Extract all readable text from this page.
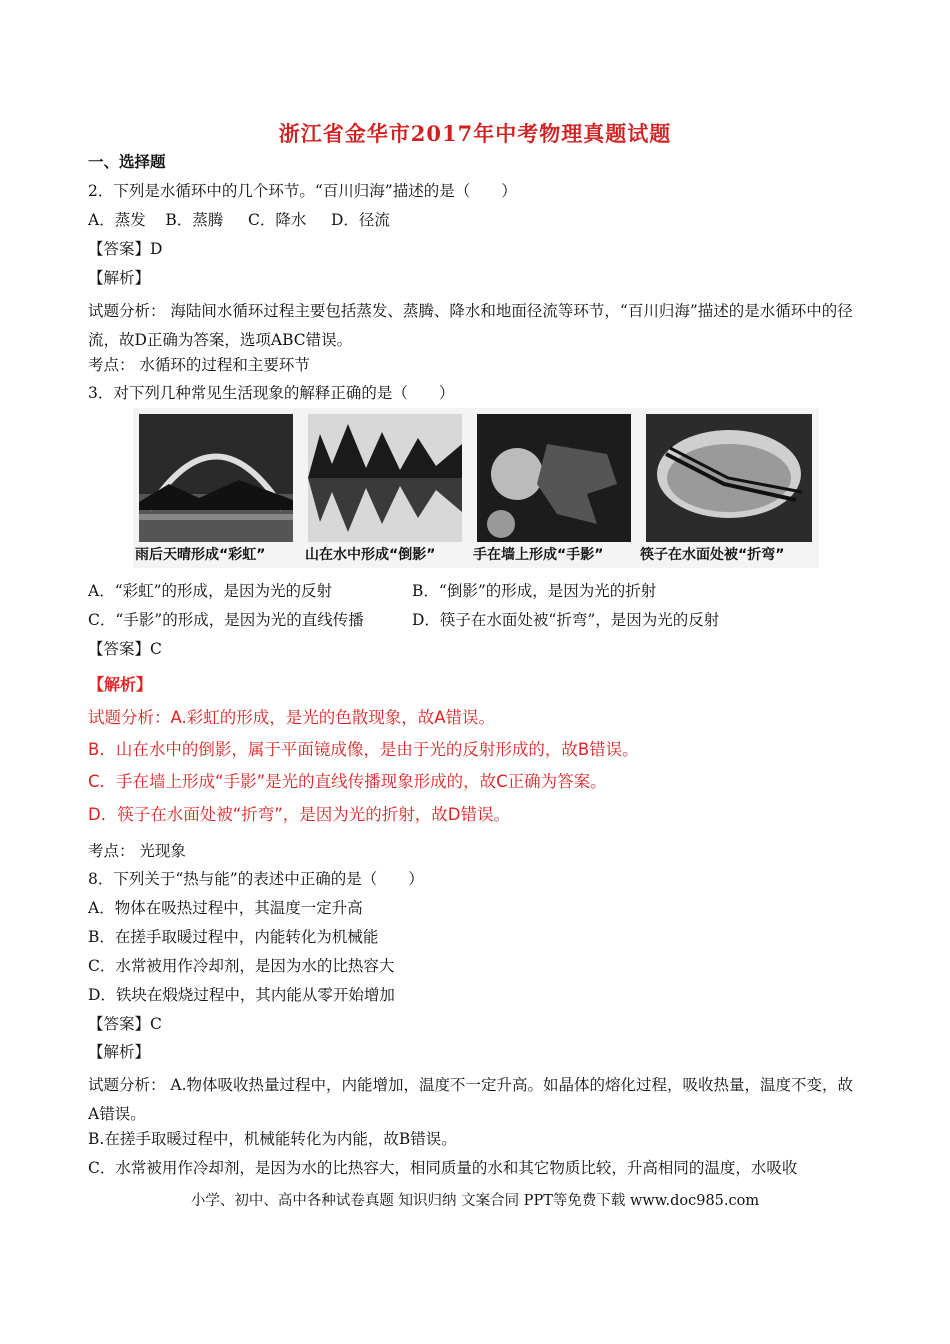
浙江省金华市2017年中考物理真题试题
一、选择题
2．下列是水循环中的几个环节。“百川归海”描述的是（　　）
A．蒸发 B．蒸腾 C．降水 D．径流
【答案】D
【解析】
试题分析： 海陆间水循环过程主要包括蒸发、蒸腾、降水和地面径流等环节，“百川归海”描述的是水循环中的径流，故D正确为答案，选项ABC错误。
考点： 水循环的过程和主要环节
3．对下列几种常见生活现象的解释正确的是（　　）
雨后天晴形成“彩虹”	山在水中形成“倒影”	手在墙上形成“手影”	筷子在水面处被“折弯”
A．“彩虹”的形成，是因为光的反射	B．“倒影”的形成，是因为光的折射
C．“手影”的形成，是因为光的直线传播	D．筷子在水面处被“折弯”，是因为光的反射
【答案】C
【解析】
试题分析：A.彩虹的形成，是光的色散现象，故A错误。
B．山在水中的倒影，属于平面镜成像，是由于光的反射形成的，故B错误。
C．手在墙上形成“手影”是光的直线传播现象形成的，故C正确为答案。
D．筷子在水面处被“折弯”，是因为光的折射，故D错误。
考点： 光现象
8．下列关于“热与能”的表述中正确的是（　　）
A．物体在吸热过程中，其温度一定升高
B．在搓手取暖过程中，内能转化为机械能
C．水常被用作冷却剂，是因为水的比热容大
D．铁块在煅烧过程中，其内能从零开始增加
【答案】C
【解析】
试题分析： A.物体吸收热量过程中，内能增加，温度不一定升高。如晶体的熔化过程，吸收热量，温度不变，故A错误。
B.在搓手取暖过程中，机械能转化为内能，故B错误。
C．水常被用作冷却剂，是因为水的比热容大，相同质量的水和其它物质比较，升高相同的温度，水吸收
小学、初中、高中各种试卷真题 知识归纳 文案合同 PPT等免费下载 www.doc985.com
